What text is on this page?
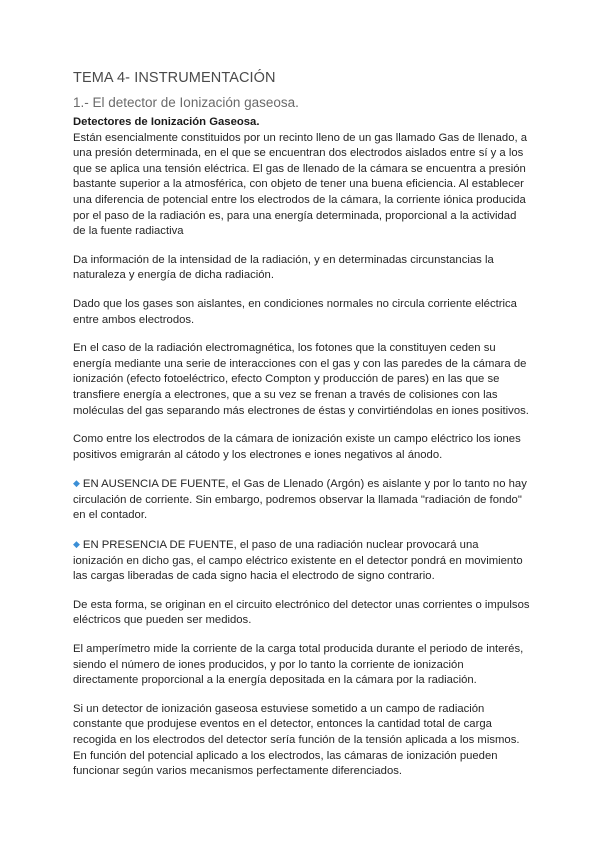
TEMA 4- INSTRUMENTACIÓN
1.- El detector de Ionización gaseosa.

Detectores de Ionización Gaseosa.
Están esencialmente constituidos por un recinto lleno de un gas llamado Gas de llenado, a una presión determinada, en el que se encuentran dos electrodos aislados entre sí y a los que se aplica una tensión eléctrica. El gas de llenado de la cámara se encuentra a presión bastante superior a la atmosférica, con objeto de tener una buena eficiencia. Al establecer una diferencia de potencial entre los electrodos de la cámara, la corriente iónica producida por el paso de la radiación es, para una energía determinada, proporcional a la actividad de la fuente radiactiva

Da información de la intensidad de la radiación, y en determinadas circunstancias la naturaleza y energía de dicha radiación.

Dado que los gases son aislantes, en condiciones normales no circula corriente eléctrica entre ambos electrodos.

En el caso de la radiación electromagnética, los fotones que la constituyen ceden su energía mediante una serie de interacciones con el gas y con las paredes de la cámara de ionización (efecto fotoeléctrico, efecto Compton y producción de pares) en las que se transfiere energía a electrones, que a su vez se frenan a través de colisiones con las moléculas del gas separando más electrones de éstas y convirtiéndolas en iones positivos.

Como entre los electrodos de la cámara de ionización existe un campo eléctrico los iones positivos emigrarán al cátodo y los electrones e iones negativos al ánodo.

◆ EN AUSENCIA DE FUENTE, el Gas de Llenado (Argón) es aislante y por lo tanto no hay circulación de corriente. Sin embargo, podremos observar la llamada "radiación de fondo" en el contador.

◆ EN PRESENCIA DE FUENTE, el paso de una radiación nuclear provocará una ionización en dicho gas, el campo eléctrico existente en el detector pondrá en movimiento las cargas liberadas de cada signo hacia el electrodo de signo contrario.

De esta forma, se originan en el circuito electrónico del detector unas corrientes o impulsos eléctricos que pueden ser medidos.

El amperímetro mide la corriente de la carga total producida durante el periodo de interés, siendo el número de iones producidos, y por lo tanto la corriente de ionización directamente proporcional a la energía depositada en la cámara por la radiación.

Si un detector de ionización gaseosa estuviese sometido a un campo de radiación constante que produjese eventos en el detector, entonces la cantidad total de carga recogida en los electrodos del detector sería función de la tensión aplicada a los mismos. En función del potencial aplicado a los electrodos, las cámaras de ionización pueden funcionar según varios mecanismos perfectamente diferenciados.
